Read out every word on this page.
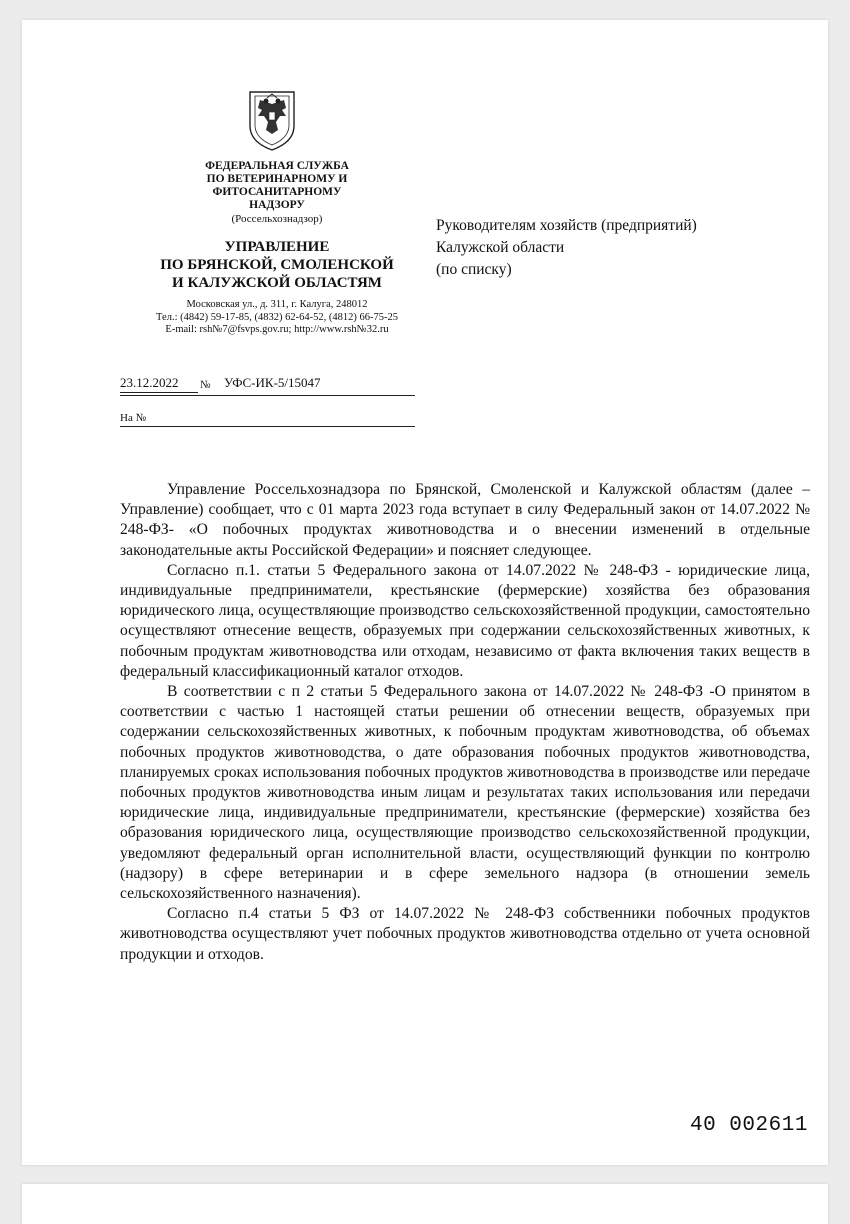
ФЕДЕРАЛЬНАЯ СЛУЖБА
ПО ВЕТЕРИНАРНОМУ И
ФИТОСАНИТАРНОМУ
НАДЗОРУ
(Россельхознадзор)
УПРАВЛЕНИЕ
ПО БРЯНСКОЙ, СМОЛЕНСКОЙ
И КАЛУЖСКОЙ ОБЛАСТЯМ
Московская ул., д. 311, г. Калуга, 248012
Тел.: (4842) 59-17-85, (4832) 62-64-52, (4812) 66-75-25
E-mail: rsh№7@fsvps.gov.ru; http://www.rsh№32.ru
Руководителям хозяйств (предприятий)
Калужской области
(по списку)
23.12.2022 № УФС-ИК-5/15047
На №

Управление Россельхознадзора по Брянской, Смоленской и Калужской областям (далее – Управление) сообщает, что с 01 марта 2023 года вступает в силу Федеральный закон от 14.07.2022 № 248-ФЗ- «О побочных продуктах животноводства и о внесении изменений в отдельные законодательные акты Российской Федерации» и поясняет следующее.

Согласно п.1. статьи 5 Федерального закона от 14.07.2022 № 248-ФЗ - юридические лица, индивидуальные предприниматели, крестьянские (фермерские) хозяйства без образования юридического лица, осуществляющие производство сельскохозяйственной продукции, самостоятельно осуществляют отнесение веществ, образуемых при содержании сельскохозяйственных животных, к побочным продуктам животноводства или отходам, независимо от факта включения таких веществ в федеральный классификационный каталог отходов.

В соответствии с п 2 статьи 5 Федерального закона от 14.07.2022 № 248-ФЗ -О принятом в соответствии с частью 1 настоящей статьи решении об отнесении веществ, образуемых при содержании сельскохозяйственных животных, к побочным продуктам животноводства, об объемах побочных продуктов животноводства, о дате образования побочных продуктов животноводства, планируемых сроках использования побочных продуктов животноводства в производстве или передаче побочных продуктов животноводства иным лицам и результатах таких использования или передачи юридические лица, индивидуальные предприниматели, крестьянские (фермерские) хозяйства без образования юридического лица, осуществляющие производство сельскохозяйственной продукции, уведомляют федеральный орган исполнительной власти, осуществляющий функции по контролю (надзору) в сфере ветеринарии и в сфере земельного надзора (в отношении земель сельскохозяйственного назначения).

Согласно п.4 статьи 5 ФЗ от 14.07.2022 № 248-ФЗ собственники побочных продуктов животноводства осуществляют учет побочных продуктов животноводства отдельно от учета основной продукции и отходов.

40 002611
